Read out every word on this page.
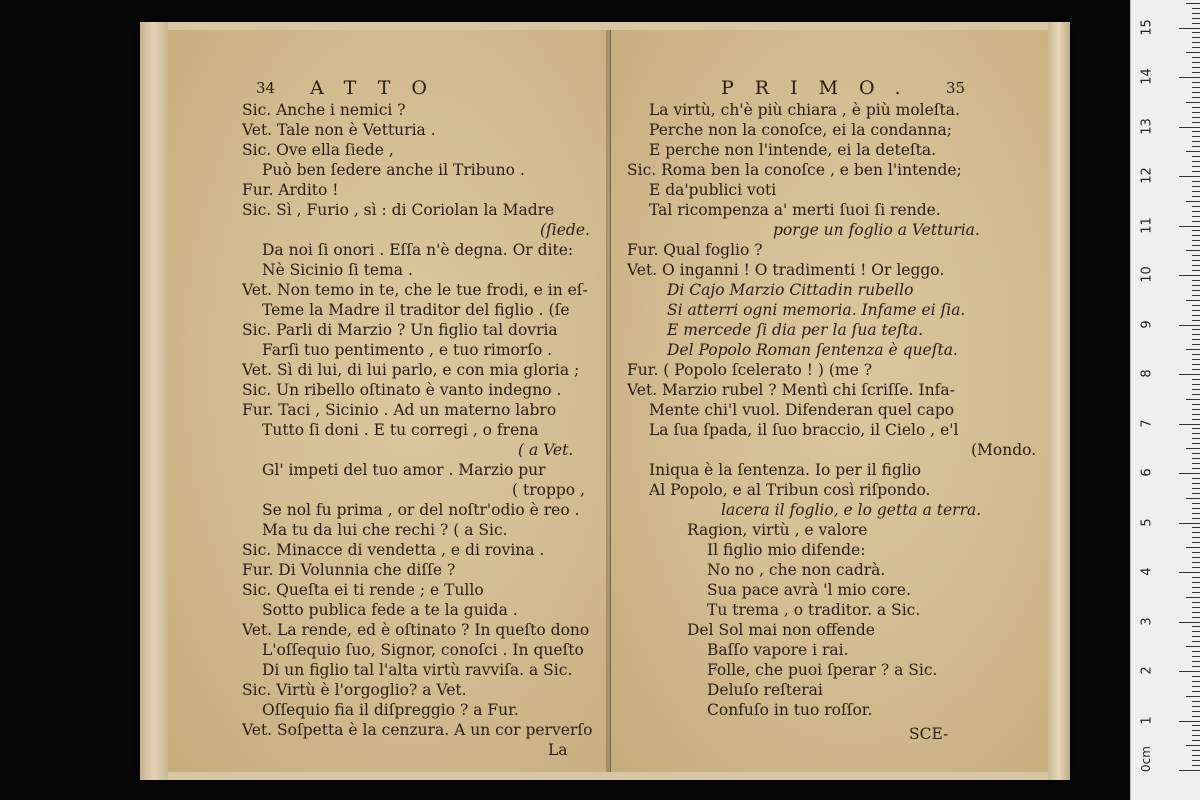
34 ATTO
Sic. Anche i nemici ?
Vet. Tale non è Vetturia .
Sic. Ove ella ſiede ,
Può ben ſedere anche il Tribuno .
Fur. Ardito !
Sic. Sì , Furio , sì : di Coriolan la Madre
(ſiede.
Da noi ſi onori . Eſſa n'è degna. Or dite:
Nè Sicinio ſi tema .
Vet. Non temo in te, che le tue frodi, e in eſ-
Teme la Madre il traditor del figlio . (ſe
Sic. Parli di Marzio ? Un figlio tal dovria
Farſi tuo pentimento , e tuo rimorſo .
Vet. Sì di lui, di lui parlo, e con mia gloria ;
Sic. Un ribello oſtinato è vanto indegno .
Fur. Taci , Sicinio . Ad un materno labro
Tutto ſi doni . E tu corregi , o frena
( a Vet.
Gl' impeti del tuo amor . Marzio pur
( troppo ,
Se nol fu prima , or del noſtr'odio è reo .
Ma tu da lui che rechi ? ( a Sic.
Sic. Minacce di vendetta , e di rovina .
Fur. Di Volunnia che diſſe ?
Sic. Queſta ei ti rende ; e Tullo
Sotto publica fede a te la guida .
Vet. La rende, ed è oſtinato ? In queſto dono
L'oſſequio ſuo, Signor, conoſci . In queſto
Di un figlio tal l'alta virtù ravviſa. a Sic.
Sic. Virtù è l'orgoglio? a Vet.
Oſſequio fia il diſpreggio ? a Fur.
Vet. Soſpetta è la cenzura. A un cor perverſo
La
PRIMO. 35
La virtù, ch'è più chiara , è più moleſta.
Perche non la conoſce, ei la condanna;
E perche non l'intende, ei la deteſta.
Sic. Roma ben la conoſce , e ben l'intende;
E da'publici voti
Tal ricompenza a' merti ſuoi ſi rende.
porge un foglio a Vetturia.
Fur. Qual foglio ?
Vet. O inganni ! O tradimenti ! Or leggo.
Di Cajo Marzio Cittadin rubello
Si atterri ogni memoria. Infame ei ſia.
E mercede ſi dia per la ſua teſta.
Del Popolo Roman ſentenza è queſta.
Fur. ( Popolo ſcelerato ! ) (me ?
Vet. Marzio rubel ? Mentì chi ſcriſſe. Infa-
Mente chi'l vuol. Difenderan quel capo
La ſua ſpada, il ſuo braccio, il Cielo , e'l
(Mondo.
Iniqua è la ſentenza. Io per il figlio
Al Popolo, e al Tribun così riſpondo.
lacera il foglio, e lo getta a terra.
Ragion, virtù , e valore
Il figlio mio difende:
No no , che non cadrà.
Sua pace avrà 'l mio core.
Tu trema , o traditor. a Sic.
Del Sol mai non offende
Baſſo vapore i rai.
Folle, che puoi ſperar ? a Sic.
Deluſo reſterai
Confuſo in tuo roſſor.
SCE-
0cm
1
2
3
4
5
6
7
8
9
10
11
12
13
14
15
